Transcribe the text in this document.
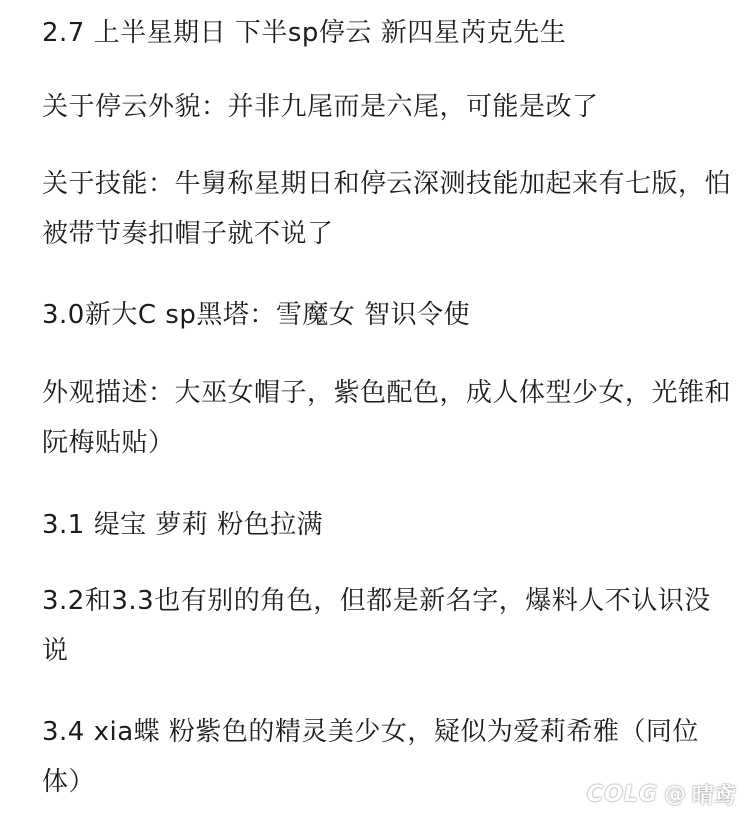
2.7 上半星期日 下半sp停云 新四星芮克先生

关于停云外貌：并非九尾而是六尾，可能是改了

关于技能：牛舅称星期日和停云深测技能加起来有七版，怕被带节奏扣帽子就不说了

3.0新大C sp黑塔：雪魔女 智识令使

外观描述：大巫女帽子，紫色配色，成人体型少女，光锥和阮梅贴贴）

3.1 缇宝 萝莉 粉色拉满

3.2和3.3也有别的角色，但都是新名字，爆料人不认识没说

3.4 xia蝶 粉紫色的精灵美少女，疑似为爱莉希雅（同位体）	COLG @ 晴鸢
